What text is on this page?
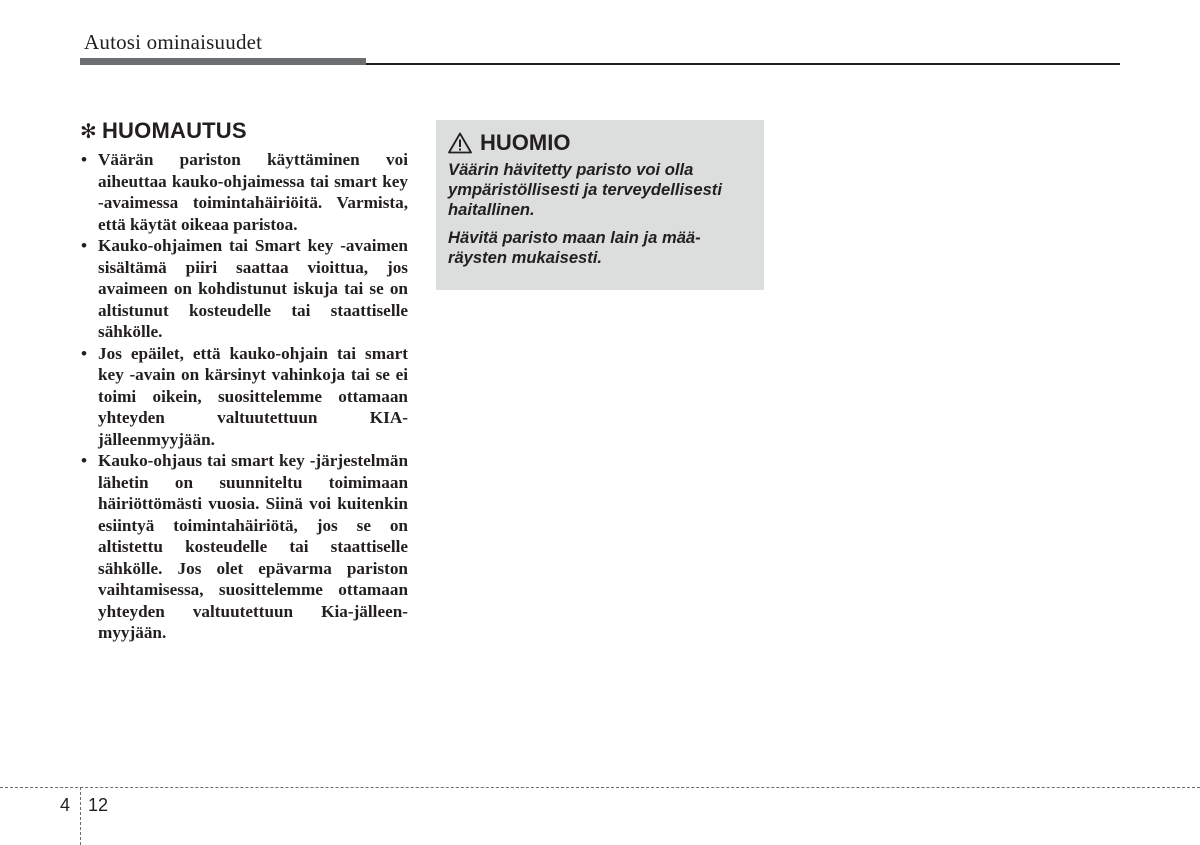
Autosi ominaisuudet
✻ HUOMAUTUS
• Väärän pariston käyttäminen voi aiheuttaa kauko-ohjaimessa tai smart key -avaimessa toimintahäiriöitä. Varmista, että käytät oikeaa paristoa.
• Kauko-ohjaimen tai Smart key -avaimen sisältämä piiri saattaa vioittua, jos avaimeen on kohdistunut iskuja tai se on altistunut kosteudelle tai staattiselle sähkölle.
• Jos epäilet, että kauko-ohjain tai smart key -avain on kärsinyt vahinkoja tai se ei toimi oikein, suosittelemme ottamaan yhteyden valtuutettuun KIA-jälleenmyyjään.
• Kauko-ohjaus tai smart key -järjestelmän lähetin on suunniteltu toimimaan häiriöttömästi vuosia. Siinä voi kuitenkin esiintyä toimintahäiriötä, jos se on altistettu kosteudelle tai staattiselle sähkölle. Jos olet epävarma pariston vaihtamisessa, suosittelemme ottamaan yhteyden valtuutettuun Kia-jälleenmyyjään.
HUOMIO

Väärin hävitetty paristo voi olla ympäristöllisesti ja terveydellisesti haitallinen.

Hävitä paristo maan lain ja määräysten mukaisesti.

4 12
